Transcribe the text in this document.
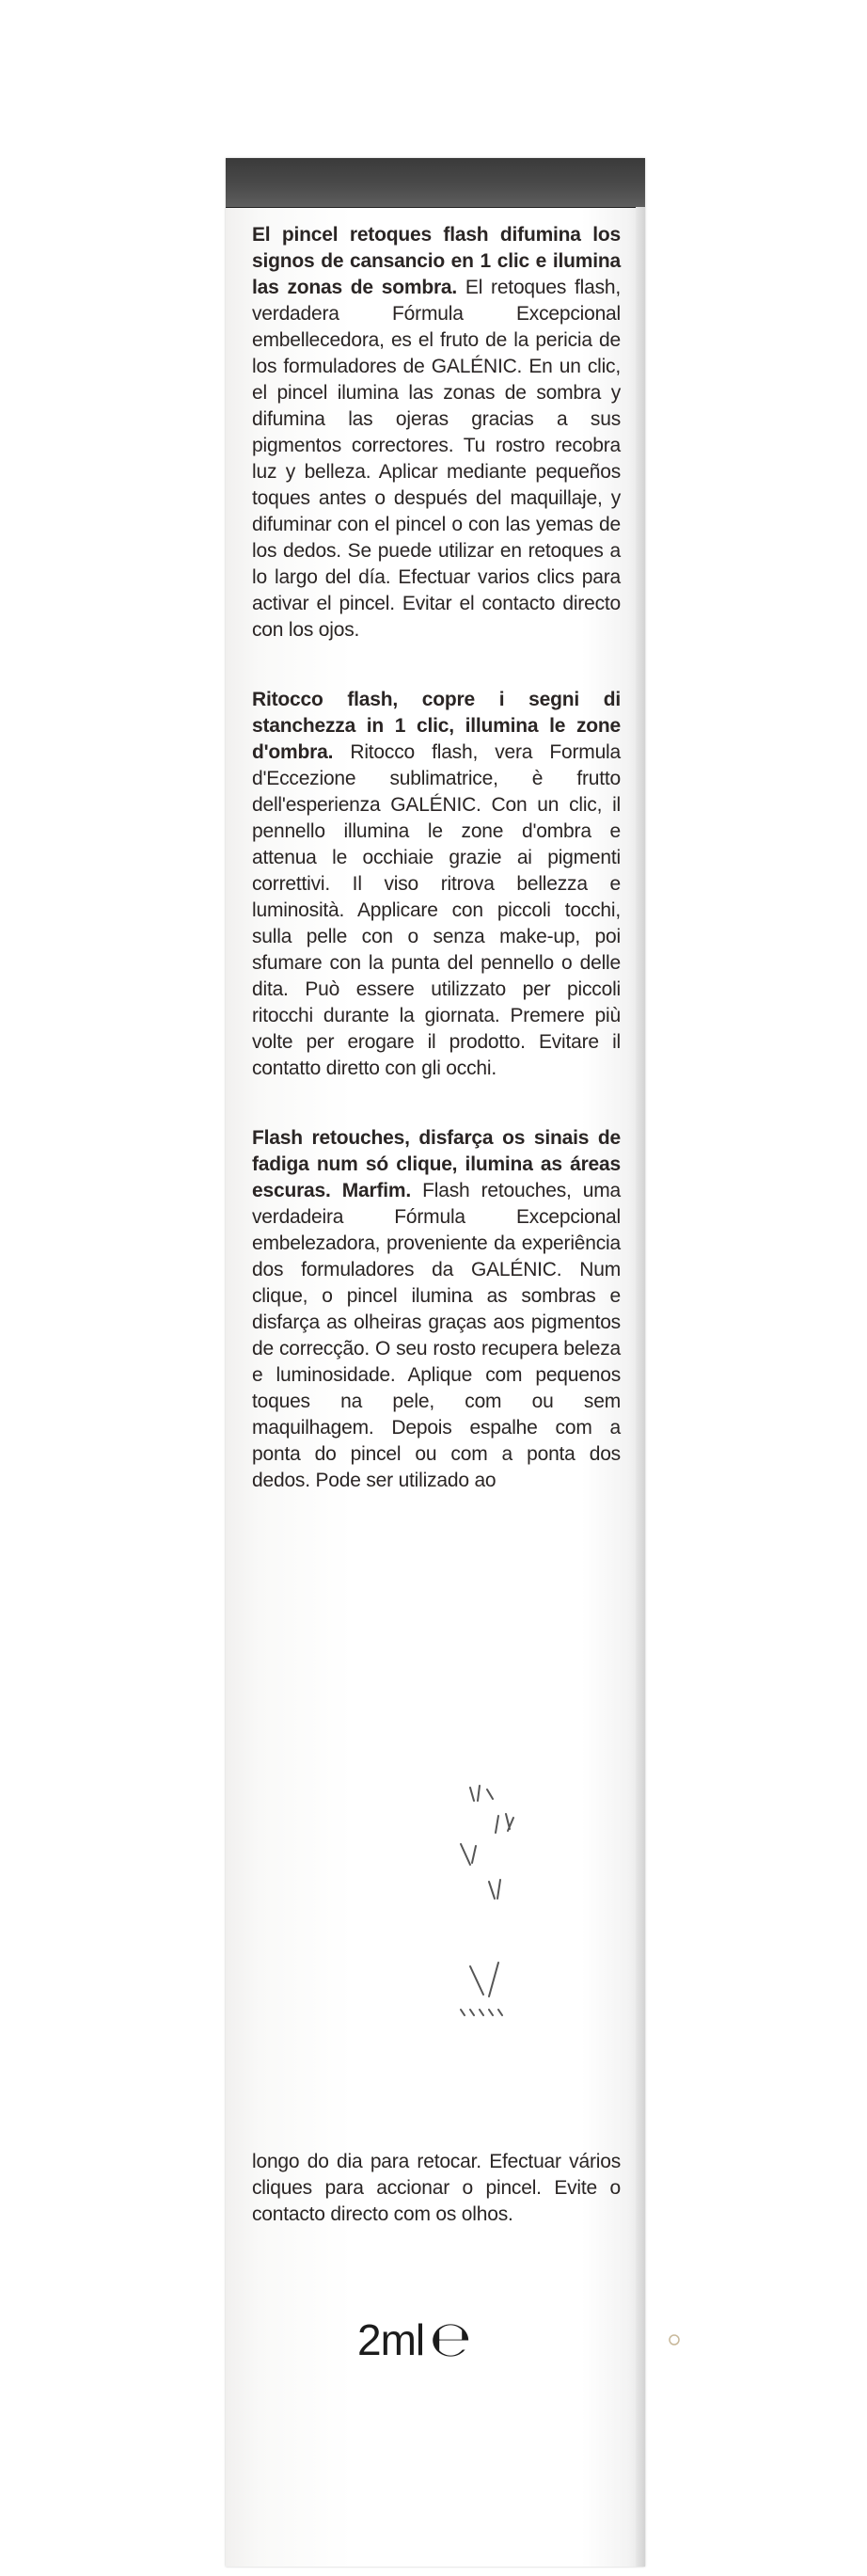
El pincel retoques flash difumina los signos de cansancio en 1 clic e ilumina las zonas de sombra. El retoques flash, verdadera Fórmula Excepcional embellecedora, es el fruto de la pericia de los formuladores de GALÉNIC. En un clic, el pincel ilumina las zonas de sombra y difumina las ojeras gracias a sus pigmentos correctores. Tu rostro recobra luz y belleza. Aplicar mediante pequeños toques antes o después del maquillaje, y difuminar con el pincel o con las yemas de los dedos. Se puede utilizar en retoques a lo largo del día. Efectuar varios clics para activar el pincel. Evitar el contacto directo con los ojos.

Ritocco flash, copre i segni di stanchezza in 1 clic, illumina le zone d'ombra. Ritocco flash, vera Formula d'Eccezione sublimatrice, è frutto dell'esperienza GALÉNIC. Con un clic, il pennello illumina le zone d'ombra e attenua le occhiaie grazie ai pigmenti correttivi. Il viso ritrova bellezza e luminosità. Applicare con piccoli tocchi, sulla pelle con o senza make-up, poi sfumare con la punta del pennello o delle dita. Può essere utilizzato per piccoli ritocchi durante la giornata. Premere più volte per erogare il prodotto. Evitare il contatto diretto con gli occhi.

Flash retouches, disfarça os sinais de fadiga num só clique, ilumina as áreas escuras. Marfim. Flash retouches, uma verdadeira Fórmula Excepcional embelezadora, proveniente da experiência dos formuladores da GALÉNIC. Num clique, o pincel ilumina as sombras e disfarça as olheiras graças aos pigmentos de correcção. O seu rosto recupera beleza e luminosidade. Aplique com pequenos toques na pele, com ou sem maquilhagem. Depois espalhe com a ponta do pincel ou com a ponta dos dedos. Pode ser utilizado ao

longo do dia para retocar. Efectuar vários cliques para accionar o pincel. Evite o contacto directo com os olhos.
2ml ℮
